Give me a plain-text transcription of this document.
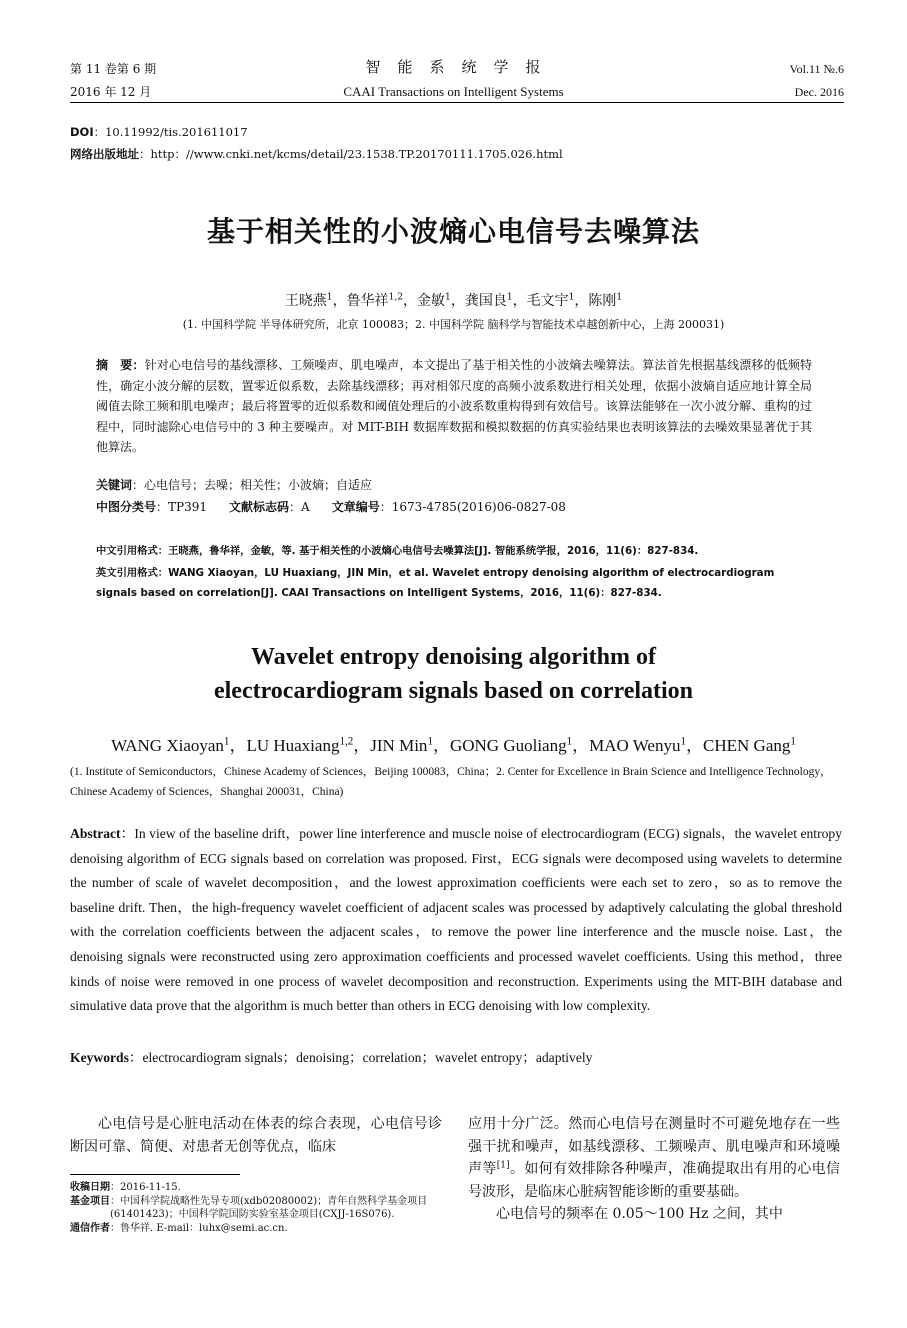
第 11 卷第 6 期	智　能　系　统　学　报	Vol.11 №.6
2016 年 12 月	CAAI Transactions on Intelligent Systems	Dec. 2016
DOI：10.11992/tis.201611017
网络出版地址：http：//www.cnki.net/kcms/detail/23.1538.TP.20170111.1705.026.html
基于相关性的小波熵心电信号去噪算法
王晓燕$^1$，鲁华祥$^{1,2}$，金敏$^1$，龚国良$^1$，毛文宇$^1$，陈刚$^1$
(1. 中国科学院 半导体研究所，北京 100083；2. 中国科学院 脑科学与智能技术卓越创新中心，上海 200031)
摘　要：针对心电信号的基线漂移、工频噪声、肌电噪声，本文提出了基于相关性的小波熵去噪算法。算法首先根据基线漂移的低频特性，确定小波分解的层数，置零近似系数，去除基线漂移；再对相邻尺度的高频小波系数进行相关处理，依据小波熵自适应地计算全局阈值去除工频和肌电噪声；最后将置零的近似系数和阈值处理后的小波系数重构得到有效信号。该算法能够在一次小波分解、重构的过程中，同时滤除心电信号中的 3 种主要噪声。对 MIT-BIH 数据库数据和模拟数据的仿真实验结果也表明该算法的去噪效果显著优于其他算法。
关键词：心电信号；去噪；相关性；小波熵；自适应
中图分类号：TP391 文献标志码：A 文章编号：1673-4785(2016)06-0827-08
中文引用格式：王晓燕，鲁华祥，金敏，等. 基于相关性的小波熵心电信号去噪算法[J]. 智能系统学报，2016，11(6)：827-834.
英文引用格式：WANG Xiaoyan，LU Huaxiang，JIN Min，et al. Wavelet entropy denoising algorithm of electrocardiogram signals based on correlation[J]. CAAI Transactions on Intelligent Systems，2016，11(6)：827-834.
Wavelet entropy denoising algorithm of
electrocardiogram signals based on correlation
WANG Xiaoyan$^1$，LU Huaxiang$^{1,2}$，JIN Min$^1$，GONG Guoliang$^1$，MAO Wenyu$^1$，CHEN Gang$^1$
(1. Institute of Semiconductors，Chinese Academy of Sciences，Beijing 100083，China；2. Center for Excellence in Brain Science and Intelligence Technology，Chinese Academy of Sciences，Shanghai 200031，China)
Abstract：In view of the baseline drift，power line interference and muscle noise of electrocardiogram (ECG) signals，the wavelet entropy denoising algorithm of ECG signals based on correlation was proposed. First，ECG signals were decomposed using wavelets to determine the number of scale of wavelet decomposition，and the lowest approximation coefficients were each set to zero，so as to remove the baseline drift. Then，the high-frequency wavelet coefficient of adjacent scales was processed by adaptively calculating the global threshold with the correlation coefficients between the adjacent scales，to remove the power line interference and the muscle noise. Last，the denoising signals were reconstructed using zero approximation coefficients and processed wavelet coefficients. Using this method，three kinds of noise were removed in one process of wavelet decomposition and reconstruction. Experiments using the MIT-BIH database and simulative data prove that the algorithm is much better than others in ECG denoising with low complexity.
Keywords：electrocardiogram signals；denoising；correlation；wavelet entropy；adaptively
心电信号是心脏电活动在体表的综合表现，心电信号诊断因可靠、简便、对患者无创等优点，临床
应用十分广泛。然而心电信号在测量时不可避免地存在一些强干扰和噪声，如基线漂移、工频噪声、肌电噪声和环境噪声等[1]。如何有效排除各种噪声，准确提取出有用的心电信号波形，是临床心脏病智能诊断的重要基础。
心电信号的频率在 0.05～100 Hz 之间，其中
收稿日期 ：2016-11-15.
基金项目 ：中国科学院战略性先导专项(xdb02080002)；青年自然科学基金项目(61401423)；中国科学院国防实验室基金项目(CXJJ-16S076).
通信作者 ：鲁华祥. E-mail：luhx@semi.ac.cn.
